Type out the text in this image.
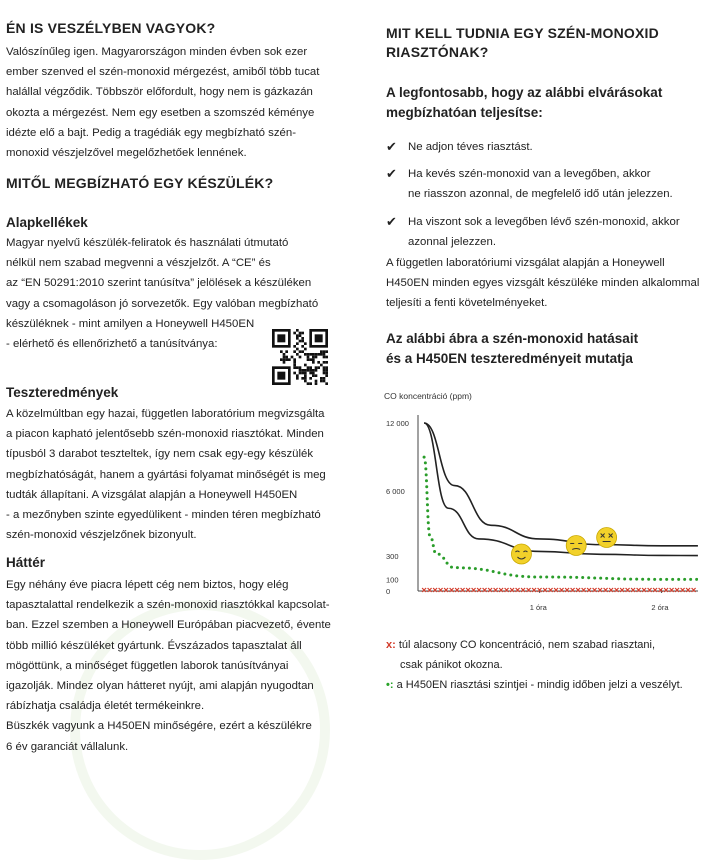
ÉN IS VESZÉLYBEN VAGYOK?

Valószínűleg igen. Magyarországon minden évben sok ezer

ember szenved el szén-monoxid mérgezést, amiből több tucat

halállal végződik. Többször előfordult, hogy nem is gázkazán

okozta a mérgezést. Nem egy esetben a szomszéd kéménye

idézte elő a bajt. Pedig a tragédiák egy megbízható szén-

monoxid vészjelzővel megelőzhetőek lennének.

MITŐL MEGBÍZHATÓ EGY KÉSZÜLÉK?
Alapkellékek

Magyar nyelvű készülék-feliratok és használati útmutató

nélkül nem szabad megvenni a vészjelzőt. A “CE” és

az “EN 50291:2010 szerint tanúsítva” jelölések a készüléken

vagy a csomagoláson jó sorvezetők. Egy valóban megbízható

készüléknek - mint amilyen a Honeywell H450EN

- elérhető és ellenőrizhető a tanúsítványa:

Teszteredmények

A közelmúltban egy hazai, független laboratórium megvizsgálta

a piacon kapható jelentősebb szén-monoxid riasztókat. Minden

típusból 3 darabot teszteltek, így nem csak egy-egy készülék

megbízhatóságát, hanem a gyártási folyamat minőségét is meg

tudták állapítani. A vizsgálat alapján a Honeywell H450EN

- a mezőnyben szinte egyedülikent - minden téren megbízható

szén-monoxid vészjelzőnek bizonyult.

Háttér

Egy néhány éve piacra lépett cég nem biztos, hogy elég

tapasztalattal rendelkezik a szén-monoxid riasztókkal kapcsolat-

ban. Ezzel szemben a Honeywell Európában piacvezető, évente

több millió készüléket gyártunk. Évszázados tapasztalat áll

mögöttünk, a minőséget független laborok tanúsítványai

igazolják. Mindez olyan hátteret nyújt, ami alapján nyugodtan

rábízhatja családja életét termékeinkre.

Büszkék vagyunk a H450EN minőségére, ezért a készülékre

6 év garanciát vállalunk.

MIT KELL TUDNIA EGY SZÉN-MONOXID
RIASZTÓNAK?
A legfontosabb, hogy az alábbi elvárásokat
megbízhatóan teljesítse:
✔ Ne adjon téves riasztást.
✔ Ha kevés szén-monoxid van a levegőben, akkor
ne riasszon azonnal, de megfelelő idő után jelezzen.
✔ Ha viszont sok a levegőben lévő szén-monoxid, akkor
azonnal jelezzen.

A független laboratóriumi vizsgálat alapján a Honeywell

H450EN minden egyes vizsgált készüléke minden alkalommal

teljesíti a fenti követelményeket.

Az alábbi ábra a szén-monoxid hatásait
és a H450EN teszteredményeit mutatja
CO koncentráció (ppm)
12 000
6 000
300
100
0
1 óra	2 óra

x: túl alacsony CO koncentráció, nem szabad riasztani,

csak pánikot okozna.

•: a H450EN riasztási szintjei - mindig időben jelzi a veszélyt.
